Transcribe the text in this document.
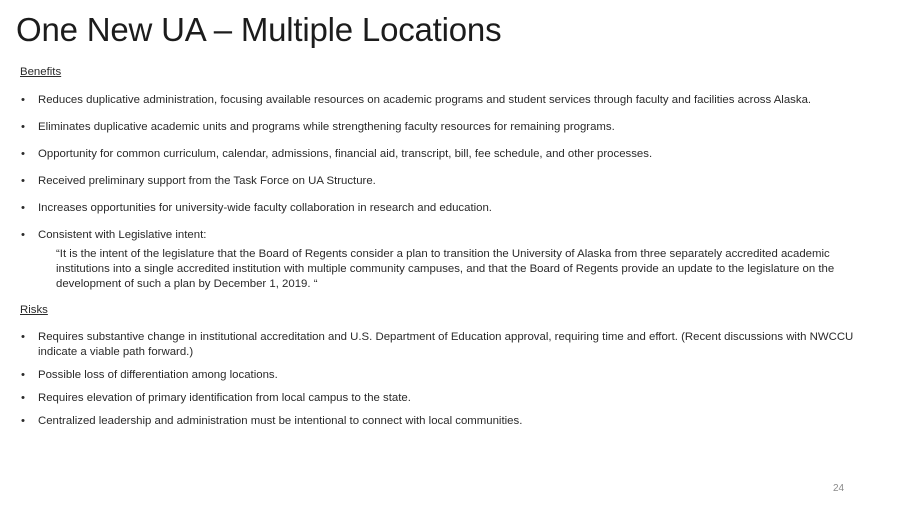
One New UA – Multiple Locations

Benefits

• Reduces duplicative administration, focusing available resources on academic programs and student services through faculty and facilities across Alaska.
• Eliminates duplicative academic units and programs while strengthening faculty resources for remaining programs.
• Opportunity for common curriculum, calendar, admissions, financial aid, transcript, bill, fee schedule, and other processes.
• Received preliminary support from the Task Force on UA Structure.
• Increases opportunities for university-wide faculty collaboration in research and education.
• Consistent with Legislative intent:

“It is the intent of the legislature that the Board of Regents consider a plan to transition the University of Alaska from three separately accredited academic institutions into a single accredited institution with multiple community campuses, and that the Board of Regents provide an update to the legislature on the development of such a plan by December 1, 2019. “

Risks

• Requires substantive change in institutional accreditation and U.S. Department of Education approval, requiring time and effort. (Recent discussions with NWCCU indicate a viable path forward.)
• Possible loss of differentiation among locations.
• Requires elevation of primary identification from local campus to the state.
• Centralized leadership and administration must be intentional to connect with local communities.
24
